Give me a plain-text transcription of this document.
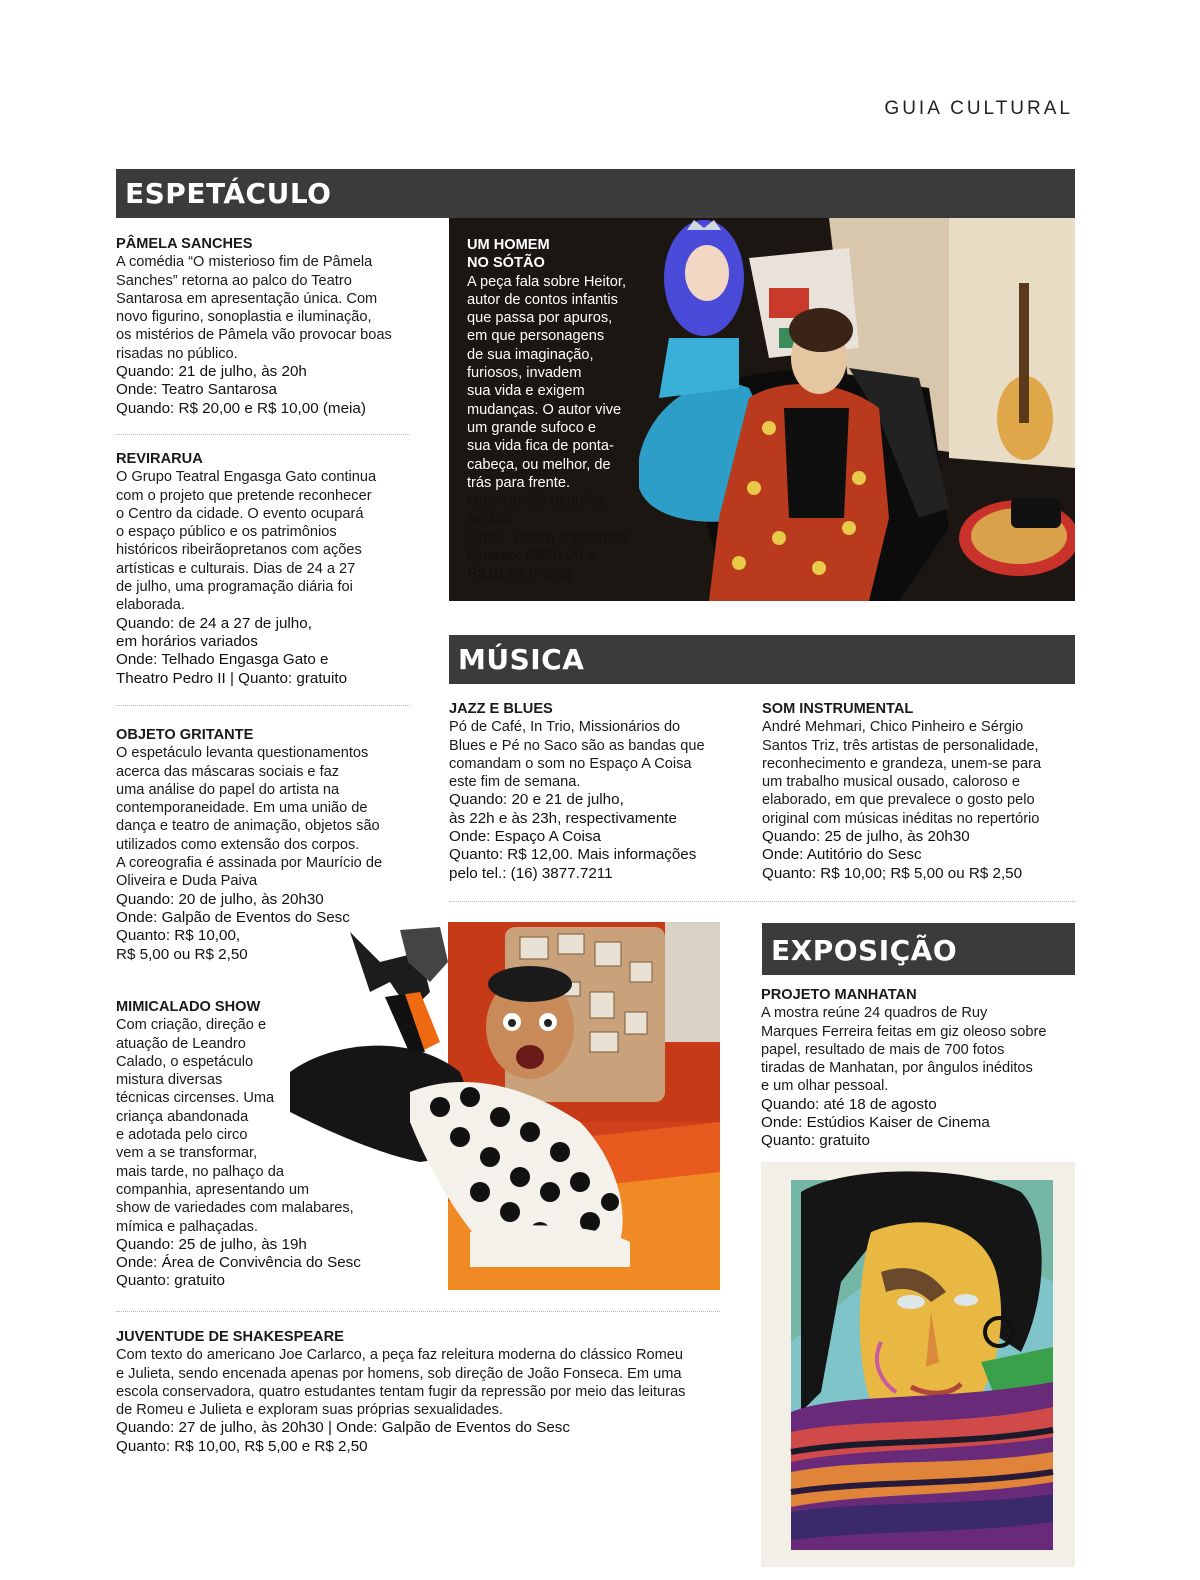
GUIA CULTURAL
ESPETÁCULO
PÂMELA SANCHES

A comédia “O misterioso fim de Pâmela

Sanches” retorna ao palco do Teatro

Santarosa em apresentação única. Com

novo figurino, sonoplastia e iluminação,

os mistérios de Pâmela vão provocar boas

risadas no público.

Quando: 21 de julho, às 20h

Onde: Teatro Santarosa

Quando: R$ 20,00 e R$ 10,00 (meia)

REVIRARUA

O Grupo Teatral Engasga Gato continua

com o projeto que pretende reconhecer

o Centro da cidade. O evento ocupará

o espaço público e os patrimônios

históricos ribeirãopretanos com ações

artísticas e culturais. Dias de 24 a 27

de julho, uma programação diária foi

elaborada.

Quando: de 24 a 27 de julho,

em horários variados

Onde: Telhado Engasga Gato e

Theatro Pedro II | Quanto: gratuito

OBJETO GRITANTE

O espetáculo levanta questionamentos

acerca das máscaras sociais e faz

uma análise do papel do artista na

contemporaneidade. Em uma união de

dança e teatro de animação, objetos são

utilizados como extensão dos corpos.

A coreografia é assinada por Maurício de

Oliveira e Duda Paiva

Quando: 20 de julho, às 20h30

Onde: Galpão de Eventos do Sesc

Quanto: R$ 10,00,

R$ 5,00 ou R$ 2,50

MIMICALADO SHOW

Com criação, direção e

atuação de Leandro

Calado, o espetáculo

mistura diversas

técnicas circenses. Uma

criança abandonada

e adotada pelo circo

vem a se transformar,

mais tarde, no palhaço da

companhia, apresentando um

show de variedades com malabares,

mímica e palhaçadas.

Quando: 25 de julho, às 19h

Onde: Área de Convivência do Sesc

Quanto: gratuito

JUVENTUDE DE SHAKESPEARE

Com texto do americano Joe Carlarco, a peça faz releitura moderna do clássico Romeu

e Julieta, sendo encenada apenas por homens, sob direção de João Fonseca. Em uma

escola conservadora, quatro estudantes tentam fugir da repressão por meio das leituras

de Romeu e Julieta e exploram suas próprias sexualidades.

Quando: 27 de julho, às 20h30 | Onde: Galpão de Eventos do Sesc

Quanto: R$ 10,00, R$ 5,00 e R$ 2,50

UM HOMEM
NO SÓTÃO

A peça fala sobre Heitor,

autor de contos infantis

que passa por apuros,

em que personagens

de sua imaginação,

furiosos, invadem

sua vida e exigem

mudanças. O autor vive

um grande sufoco e

sua vida fica de ponta-

cabeça, ou melhor, de

trás para frente.

Quando: 22 de julho,

às 16h

Onde: Teatro Santarosa

Quanto: R$20,00 e

R$10,00 (meia)

MÚSICA
JAZZ E BLUES

Pó de Café, In Trio, Missionários do

Blues e Pé no Saco são as bandas que

comandam o som no Espaço A Coisa

este fim de semana.

Quando: 20 e 21 de julho,

às 22h e às 23h, respectivamente

Onde: Espaço A Coisa

Quanto: R$ 12,00. Mais informações

pelo tel.: (16) 3877.7211

SOM INSTRUMENTAL

André Mehmari, Chico Pinheiro e Sérgio

Santos Triz, três artistas de personalidade,

reconhecimento e grandeza, unem-se para

um trabalho musical ousado, caloroso e

elaborado, em que prevalece o gosto pelo

original com músicas inéditas no repertório

Quando: 25 de julho, às 20h30

Onde: Autitório do Sesc

Quanto: R$ 10,00; R$ 5,00 ou R$ 2,50

EXPOSIÇÃO
PROJETO MANHATAN

A mostra reúne 24 quadros de Ruy

Marques Ferreira feitas em giz oleoso sobre

papel, resultado de mais de 700 fotos

tiradas de Manhatan, por ângulos inéditos

e um olhar pessoal.

Quando: até 18 de agosto

Onde: Estúdios Kaiser de Cinema

Quanto: gratuito
